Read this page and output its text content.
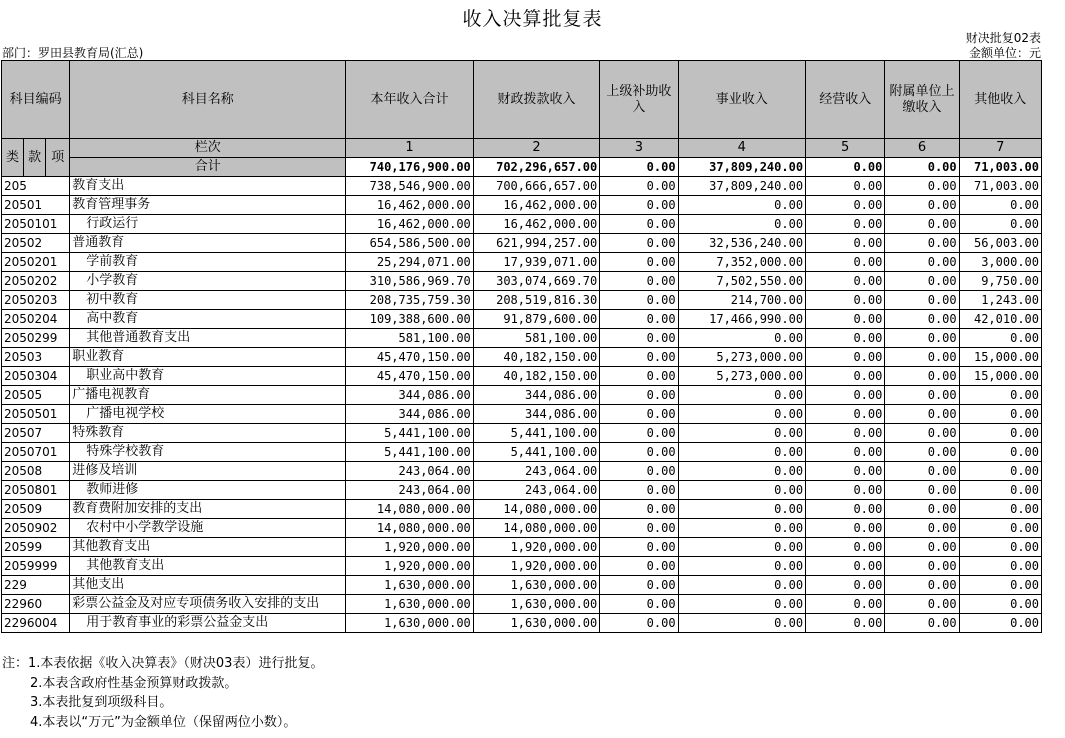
收入决算批复表
财决批复02表
金额单位：元
部门：罗田县教育局(汇总)
科目编码			科目名称	本年收入合计	财政拨款收入	上级补助收入	事业收入	经营收入	附属单位上缴收入	其他收入
类	款	项	栏次	1	2	3	4	5	6	7
			合计	740,176,900.00	702,296,657.00	0.00	37,809,240.00	0.00	0.00	71,003.00
205			教育支出	738,546,900.00	700,666,657.00	0.00	37,809,240.00	0.00	0.00	71,003.00
20501			教育管理事务	16,462,000.00	16,462,000.00	0.00	0.00	0.00	0.00	0.00
2050101			行政运行	16,462,000.00	16,462,000.00	0.00	0.00	0.00	0.00	0.00
20502			普通教育	654,586,500.00	621,994,257.00	0.00	32,536,240.00	0.00	0.00	56,003.00
2050201			学前教育	25,294,071.00	17,939,071.00	0.00	7,352,000.00	0.00	0.00	3,000.00
2050202			小学教育	310,586,969.70	303,074,669.70	0.00	7,502,550.00	0.00	0.00	9,750.00
2050203			初中教育	208,735,759.30	208,519,816.30	0.00	214,700.00	0.00	0.00	1,243.00
2050204			高中教育	109,388,600.00	91,879,600.00	0.00	17,466,990.00	0.00	0.00	42,010.00
2050299			其他普通教育支出	581,100.00	581,100.00	0.00	0.00	0.00	0.00	0.00
20503			职业教育	45,470,150.00	40,182,150.00	0.00	5,273,000.00	0.00	0.00	15,000.00
2050304			职业高中教育	45,470,150.00	40,182,150.00	0.00	5,273,000.00	0.00	0.00	15,000.00
20505			广播电视教育	344,086.00	344,086.00	0.00	0.00	0.00	0.00	0.00
2050501			广播电视学校	344,086.00	344,086.00	0.00	0.00	0.00	0.00	0.00
20507			特殊教育	5,441,100.00	5,441,100.00	0.00	0.00	0.00	0.00	0.00
2050701			特殊学校教育	5,441,100.00	5,441,100.00	0.00	0.00	0.00	0.00	0.00
20508			进修及培训	243,064.00	243,064.00	0.00	0.00	0.00	0.00	0.00
2050801			教师进修	243,064.00	243,064.00	0.00	0.00	0.00	0.00	0.00
20509			教育费附加安排的支出	14,080,000.00	14,080,000.00	0.00	0.00	0.00	0.00	0.00
2050902			农村中小学教学设施	14,080,000.00	14,080,000.00	0.00	0.00	0.00	0.00	0.00
20599			其他教育支出	1,920,000.00	1,920,000.00	0.00	0.00	0.00	0.00	0.00
2059999			其他教育支出	1,920,000.00	1,920,000.00	0.00	0.00	0.00	0.00	0.00
229			其他支出	1,630,000.00	1,630,000.00	0.00	0.00	0.00	0.00	0.00
22960			彩票公益金及对应专项债务收入安排的支出	1,630,000.00	1,630,000.00	0.00	0.00	0.00	0.00	0.00
2296004			用于教育事业的彩票公益金支出	1,630,000.00	1,630,000.00	0.00	0.00	0.00	0.00	0.00
注：1.本表依据《收入决算表》（财决03表）进行批复。
2.本表含政府性基金预算财政拨款。
3.本表批复到项级科目。
4.本表以“万元”为金额单位（保留两位小数）。
